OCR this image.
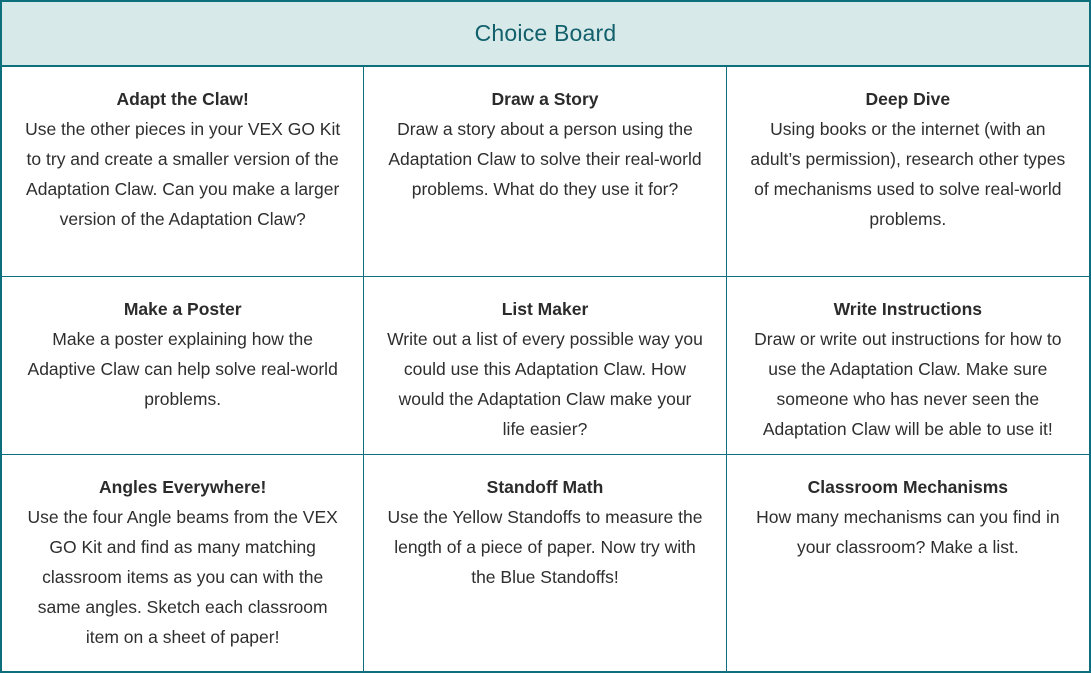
Choice Board
Adapt the Claw!
Use the other pieces in your VEX GO Kit to try and create a smaller version of the Adaptation Claw. Can you make a larger version of the Adaptation Claw?
Draw a Story
Draw a story about a person using the Adaptation Claw to solve their real-world problems. What do they use it for?
Deep Dive
Using books or the internet (with an adult’s permission), research other types of mechanisms used to solve real-world problems.
Make a Poster
Make a poster explaining how the Adaptive Claw can help solve real-world problems.
List Maker
Write out a list of every possible way you could use this Adaptation Claw. How would the Adaptation Claw make your life easier?
Write Instructions
Draw or write out instructions for how to use the Adaptation Claw. Make sure someone who has never seen the Adaptation Claw will be able to use it!
Angles Everywhere!
Use the four Angle beams from the VEX GO Kit and find as many matching classroom items as you can with the same angles. Sketch each classroom item on a sheet of paper!
Standoff Math
Use the Yellow Standoffs to measure the length of a piece of paper. Now try with the Blue Standoffs!
Classroom Mechanisms
How many mechanisms can you find in your classroom? Make a list.
